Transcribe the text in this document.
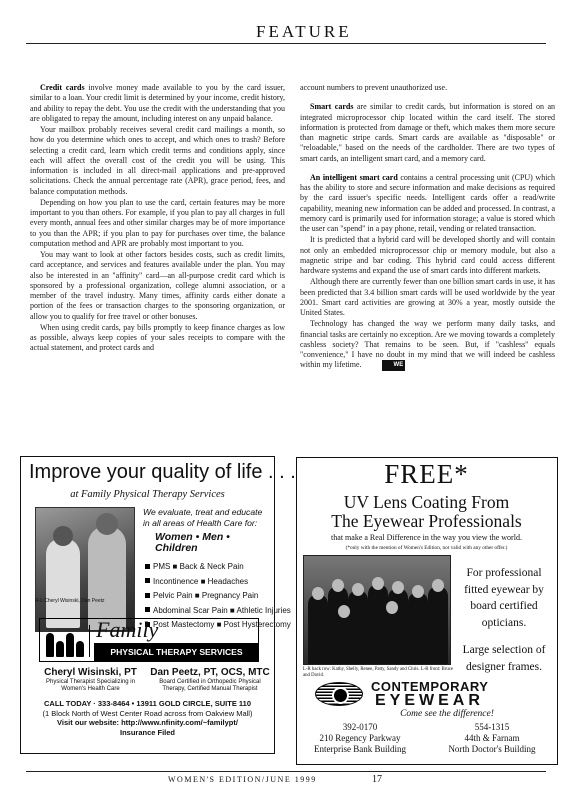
FEATURE

Credit cards involve money made available to you by the card issuer, similar to a loan. Your credit limit is determined by your income, credit history, and ability to repay the debt. You use the credit with the understanding that you are obligated to repay the amount, including interest on any unpaid balance.

Your mailbox probably receives several credit card mailings a month, so how do you determine which ones to accept, and which ones to trash? Before selecting a credit card, learn which credit terms and conditions apply, since each will affect the overall cost of the credit you will be using. This information is included in all direct-mail applications and pre-approved solicitations. Check the annual percentage rate (APR), grace period, fees, and balance computation methods.

Depending on how you plan to use the card, certain features may be more important to you than others. For example, if you plan to pay all charges in full every month, annual fees and other similar charges may be of more importance to you than the APR; if you plan to pay for purchases over time, the balance computation method and APR are probably most important to you.

You may want to look at other factors besides costs, such as credit limits, card acceptance, and services and features available under the plan. You may also be interested in an "affinity" card—an all-purpose credit card which is sponsored by a professional organization, college alumni association, or a member of the travel industry. Many times, affinity cards either donate a portion of the fees or transaction charges to the sponsoring organization, or allow you to qualify for free travel or other bonuses.

When using credit cards, pay bills promptly to keep finance charges as low as possible, always keep copies of your sales receipts to compare with the actual statement, and protect cards and

account numbers to prevent unauthorized use.

Smart cards are similar to credit cards, but information is stored on an integrated microprocessor chip located within the card itself. The stored information is protected from damage or theft, which makes them more secure than magnetic stripe cards. Smart cards are available as "disposable" or "reloadable," based on the needs of the cardholder. There are two types of smart cards, an intelligent smart card, and a memory card.

An intelligent smart card contains a central processing unit (CPU) which has the ability to store and secure information and make decisions as required by the card issuer's specific needs. Intelligent cards offer a read/write capability, meaning new information can be added and processed. In contrast, a memory card is primarily used for information storage; a value is stored which the user can "spend" in a pay phone, retail, vending or related transaction.

It is predicted that a hybrid card will be developed shortly and will contain not only an embedded microprocessor chip or memory module, but also a magnetic stripe and bar coding. This hybrid card could access different hardware systems and expand the use of smart cards into different markets.

Although there are currently fewer than one billion smart cards in use, it has been predicted that 3.4 billion smart cards will be used worldwide by the year 2001. Smart card activities are growing at 30% a year, mostly outside the United States.

Technology has changed the way we perform many daily tasks, and financial tasks are certainly no exception. Are we moving towards a completely cashless society? That remains to be seen. But, if "cashless" equals "convenience," I have no doubt in my mind that we will indeed be cashless within my lifetime.	WE

Improve your quality of life . . .
at Family Physical Therapy Services
R-L Cheryl Wisinski, Dan Peetz
We evaluate, treat and educate in all areas of Health Care for:
Women • Men • Children
PMS ■ Back & Neck Pain
Incontinence ■ Headaches
Pelvic Pain ■ Pregnancy Pain
Abdominal Scar Pain ■ Athletic Injuries
Post Mastectomy ■ Post Hysterectomy
Family
PHYSICAL THERAPY SERVICES
Cheryl Wisinski, PT
Physical Therapist Specializing in
Women's Health Care
Dan Peetz, PT, OCS, MTC
Board Certified in Orthopedic Physical
Therapy, Certified Manual Therapist
CALL TODAY · 333-8464 • 13911 GOLD CIRCLE, SUITE 110
(1 Block North of West Center Road across from Oakview Mall)
Visit our website: http://www.nfinity.com/~familypt/
Insurance Filed
FREE*
UV Lens Coating From
The Eyewear Professionals
that make a Real Difference in the way you view the world.
(*only with the mention of Women's Edition, not valid with any other offer.)
L-R back row: Kathy, Shelly, Renee, Patty, Sandy and Chris. L-R front: Bruce and David.
For professional fitted eyewear by board certified opticians.
Large selection of designer frames.
CONTEMPORARY
EYEWEAR
Come see the difference!
392-0170
210 Regency Parkway
Enterprise Bank Building
554-1315
44th & Farnam
North Doctor's Building
WOMEN'S EDITION/JUNE 1999	17
